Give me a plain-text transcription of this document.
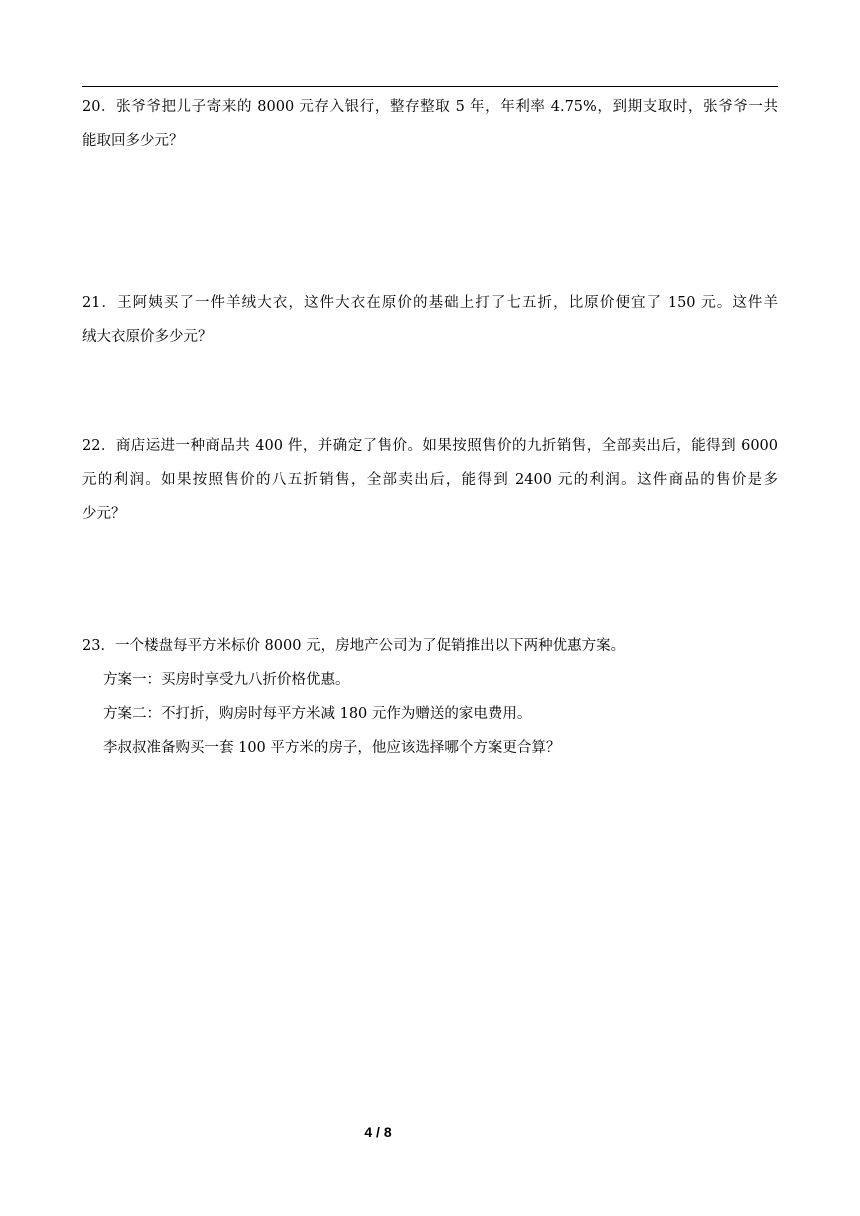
20．张爷爷把儿子寄来的 8000 元存入银行，整存整取 5 年，年利率 4.75%，到期支取时，张爷爷一共
能取回多少元？
21．王阿姨买了一件羊绒大衣，这件大衣在原价的基础上打了七五折，比原价便宜了 150 元。这件羊
绒大衣原价多少元？
22．商店运进一种商品共 400 件，并确定了售价。如果按照售价的九折销售，全部卖出后，能得到 6000
元的利润。如果按照售价的八五折销售，全部卖出后，能得到 2400 元的利润。这件商品的售价是多
少元？
23．一个楼盘每平方米标价 8000 元，房地产公司为了促销推出以下两种优惠方案。
方案一：买房时享受九八折价格优惠。
方案二：不打折，购房时每平方米减 180 元作为赠送的家电费用。
李叔叔准备购买一套 100 平方米的房子，他应该选择哪个方案更合算？
4 / 8
